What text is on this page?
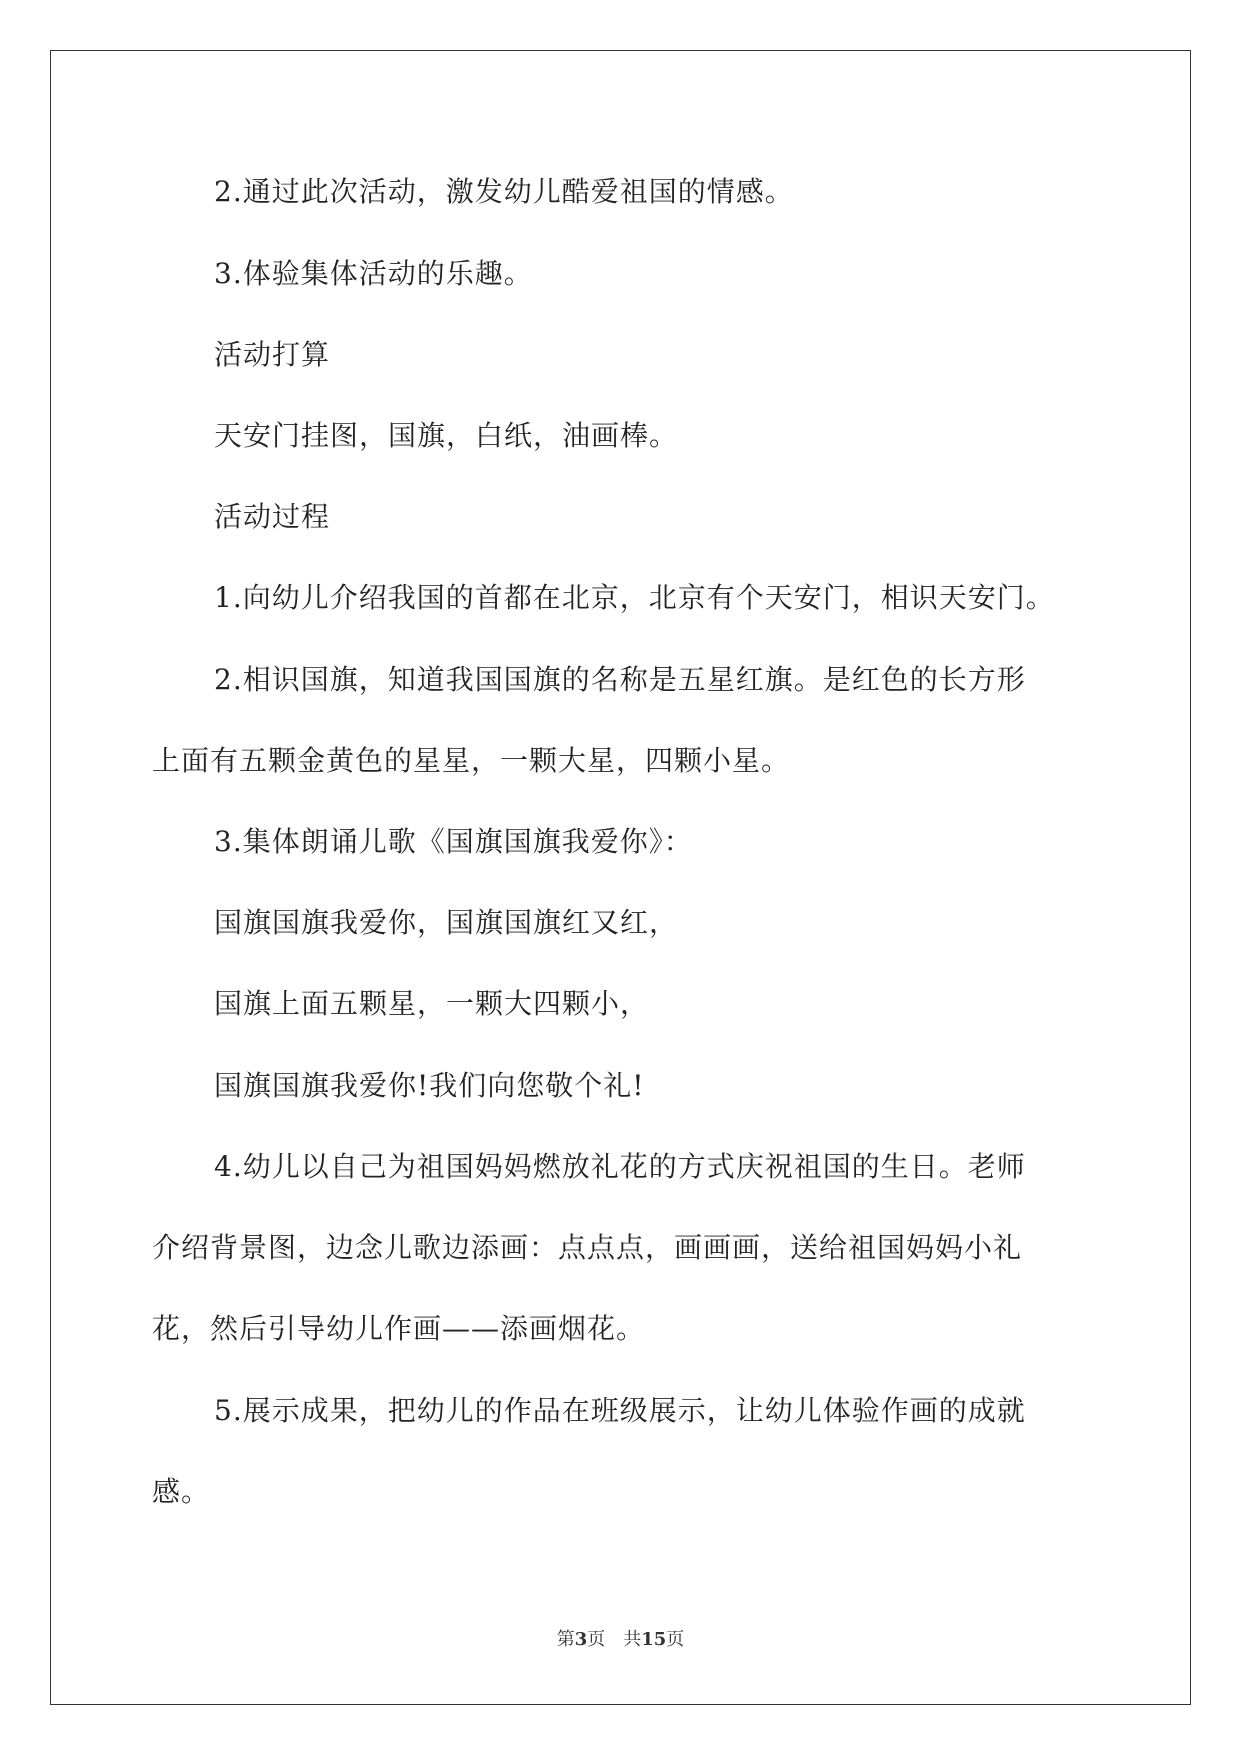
2.通过此次活动，激发幼儿酷爱祖国的情感。
3.体验集体活动的乐趣。
活动打算
天安门挂图，国旗，白纸，油画棒。
活动过程
1.向幼儿介绍我国的首都在北京，北京有个天安门，相识天安门。
2.相识国旗，知道我国国旗的名称是五星红旗。是红色的长方形
上面有五颗金黄色的星星，一颗大星，四颗小星。
3.集体朗诵儿歌《国旗国旗我爱你》：
国旗国旗我爱你，国旗国旗红又红，
国旗上面五颗星，一颗大四颗小，
国旗国旗我爱你!我们向您敬个礼!
4.幼儿以自己为祖国妈妈燃放礼花的方式庆祝祖国的生日。老师
介绍背景图，边念儿歌边添画：点点点，画画画，送给祖国妈妈小礼
花，然后引导幼儿作画——添画烟花。
5.展示成果，把幼儿的作品在班级展示，让幼儿体验作画的成就
感。
第3页 共15页
